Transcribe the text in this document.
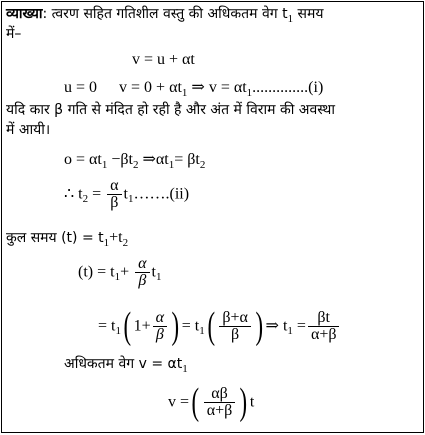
व्याख्या: त्वरण सहित गतिशील वस्तु की अधिकतम वेग $t_1$ समय
में–
v = u + αt
u = 0 $v = 0 + \alpha t_1$ ⇒ $v = \alpha t_1..............(i)$
यदि कार β गति से मंदित हो रही है और अंत में विराम की अवस्था
में आयी।
$o = \alpha t_1 -\beta t_2$ $\Rightarrow\alpha t_1= \beta t_2$
∴ $t_2 = \frac{\alpha}{\beta}$ $t_1\dots\dots.(ii)$
कुल समय $(t) = t_1+t_2$
$(t) = t_1+ \frac{\alpha}{\beta} t_1$
= $t_1$( $1+ \frac{\alpha}{\beta}$ ) = $t_1( \frac{\beta+\alpha}{\beta}$ ) ⇒ $t_1 = \frac{\beta t}{\alpha+\beta}$
अधिकतम वेग $v = \alpha t_1$
v =( $\frac{\alpha\beta}{\alpha+\beta}$ ) t
